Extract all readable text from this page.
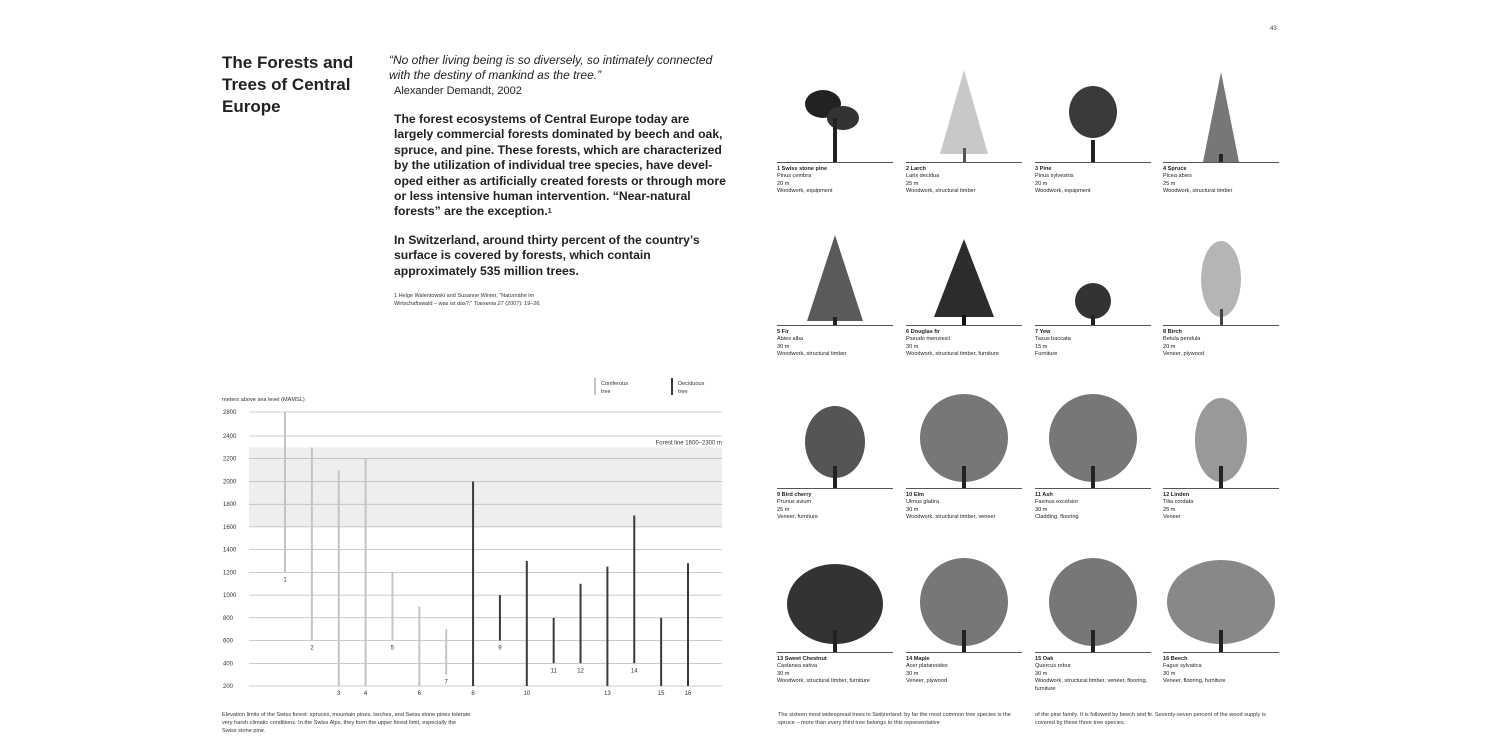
43
The Forests and Trees of Central Europe
“No other living being is so diversely, so intimately connected with the destiny of mankind as the tree.”
Alexander Demandt, 2002
The forest ecosystems of Central Europe today are largely commercial forests dominated by beech and oak, spruce, and pine. These forests, which are characterized by the utilization of individual tree species, have developed either as artificially created forests or through more or less intensive human intervention. “Near-natural forests” are the exception.$^1$
In Switzerland, around thirty percent of the country’s surface is covered by forests, which contain approximately 535 million trees.
1 Helge Walentowski and Susanne Winter, “Naturnähe im Wirtschaftswald – was ist das?,” Tuexenia 27 (2007): 19–26.
Forest line 1600–2300 m
200
400
600
800
1000
1200
1400
1600
1800
2000
2200
2400
2800
meters above sea level (MAMSL)
Coniferous
tree
Deciduous
tree
1
2
3	4
5
6
7
8
9
10
11	12
13
14
15	16
Elevation limits of the Swiss forest: spruces, mountain pines, larches, and Swiss stone pines tolerate very harsh climatic conditions. In the Swiss Alps, they form the upper forest limit, especially the Swiss stone pine.
1 Swiss stone pine
Pinus cembra
20 m
Woodwork, equipment
2 Larch
Larix decidua
25 m
Woodwork, structural timber
3 Pine
Pinus sylvestris
20 m
Woodwork, equipment
4 Spruce
Picea abies
25 m
Woodwork, structural timber
5 Fir
Abies alba
30 m
Woodwork, structural timber
6 Douglas fir
Pseudo menziesii
30 m
Woodwork, structural timber, furniture
7 Yew
Taxus baccata
15 m
Furniture
8 Birch
Betula pendula
20 m
Veneer, plywood
9 Bird cherry
Prunus avium
25 m
Veneer, furniture
10 Elm
Ulmus glabra
30 m
Woodwork, structural timber, veneer
11 Ash
Faxinus excelsior
30 m
Cladding, flooring
12 Linden
Tilia cordata
25 m
Veneer
13 Sweet Chestnut
Castanea sativa
30 m
Woodwork, structural timber, furniture
14 Maple
Acer platanoides
30 m
Veneer, plywood
15 Oak
Quercus robur
30 m
Woodwork, structural timber, veneer, flooring, furniture
16 Beech
Fagus sylvatica
30 m
Veneer, flooring, furniture
The sixteen most widespread trees in Switzerland: by far the most common tree species is the spruce – more than every third tree belongs to this representative
of the pine family. It is followed by beech and fir. Seventy-seven percent of the wood supply is covered by these three tree species.
